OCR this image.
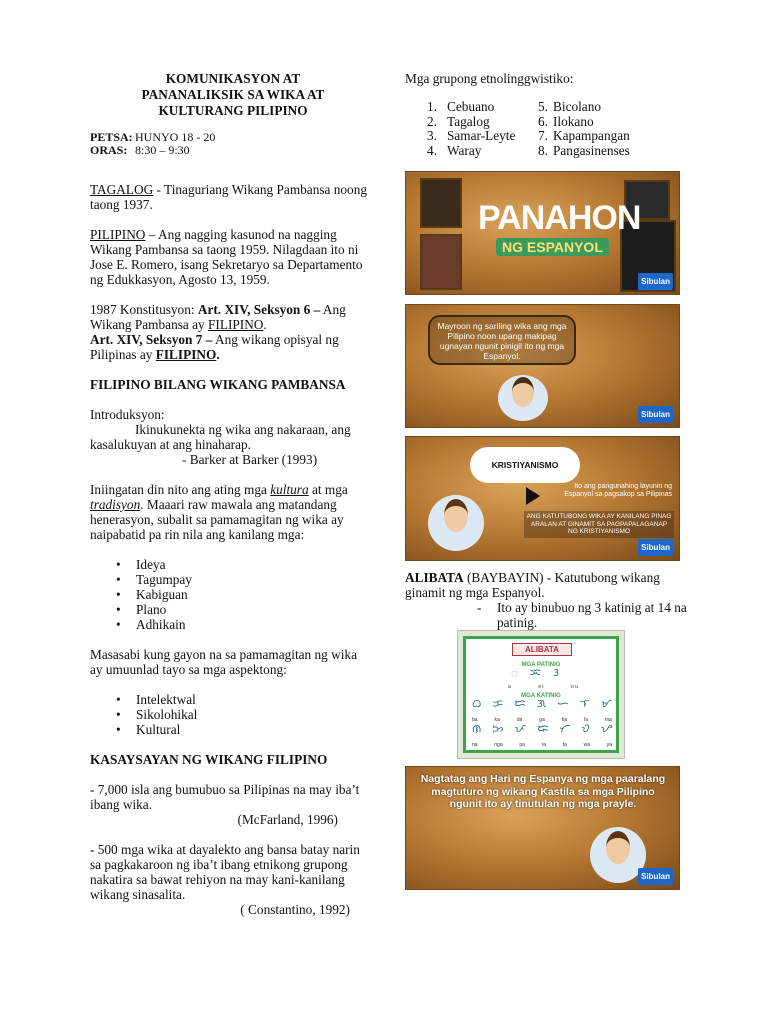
KOMUNIKASYON AT
PANANALIKSIK SA WIKA AT
KULTURANG PILIPINO
PETSA: HUNYO 18 - 20
ORAS: 8:30 – 9:30

TAGALOG - Tinaguriang Wikang Pambansa noong taong 1937.

PILIPINO – Ang nagging kasunod na nagging Wikang Pambansa sa taong 1959. Nilagdaan ito ni Jose E. Romero, isang Sekretaryo sa Departamento ng Edukkasyon, Agosto 13, 1959.

1987 Konstitusyon: Art. XIV, Seksyon 6 – Ang Wikang Pambansa ay FILIPINO.
Art. XIV, Seksyon 7 – Ang wikang opisyal ng Pilipinas ay FILIPINO.

FILIPINO BILANG WIKANG PAMBANSA

Introduksyon:

Ikinukunekta ng wika ang nakaraan, ang kasalukuyan at ang hinaharap.

- Barker at Barker (1993)

Iniingatan din nito ang ating mga kultura at mga tradisyon. Maaari raw mawala ang matandang henerasyon, subalit sa pamamagitan ng wika ay naipabatid pa rin nila ang kanilang mga:

• Ideya
• Tagumpay
• Kabiguan
• Plano
• Adhikain

Masasabi kung gayon na sa pamamagitan ng wika ay umuunlad tayo sa mga aspektong:

• Intelektwal
• Sikolohikal
• Kultural

KASAYSAYAN NG WIKANG FILIPINO

- 7,000 isla ang bumubuo sa Pilipinas na may iba’t ibang wika.

(McFarland, 1996)

- 500 mga wika at dayalekto ang bansa batay narin sa pagkakaroon ng iba’t ibang etnikong grupong nakatira sa bawat rehiyon na may kani-kanilang wikang sinasalita.

( Constantino, 1992)

Mga grupong etnolinggwistiko:

1.	Cebuano	5.	Bicolano
2.	Tagalog	6.	Ilokano
3.	Samar-Leyte	7.	Kapampangan
4.	Waray	8.	Pangasinenses
PANAHON
NG ESPANYOL
Sibulan
Mayroon ng sariling wika ang mga Pilipino noon upang makipag ugnayan ngunit pinigil ito ng mga Espanyol.
Sibulan
KRISTIYANISMO
Ito ang pangunahing layunin ng Espanyol sa pagsakop sa Pilipinas
ANG KATUTUBONG WIKA AY KANILANG PINAG ARALAN AT GINAMIT SA PAGPAPALAGANAP NG KRISTIYANISMO
Sibulan

ALIBATA (BAYBAYIN) - Katutubong wikang ginamit ng mga Espanyol.

- Ito ay binubuo ng 3 katinig at 14 na patinig.

ALIBATA
MGA PATINIG
ᜀᜁᜂ
a	e i	o u
MGA KATINIG
ᜊ ᜃ ᜇ ᜄ ᜑ ᜎ ᜋ
ba	ka	da	ga	ha	la	ma
ᜈ ᜅ ᜉ ᜍ ᜆ ᜏ ᜌ
na	nga	pa	ra	ta	wa	ya
Nagtatag ang Hari ng Espanya ng mga paaralang magtuturo ng wikang Kastila sa mga Pilipino ngunit ito ay tinutulan ng mga prayle.
Sibulan
